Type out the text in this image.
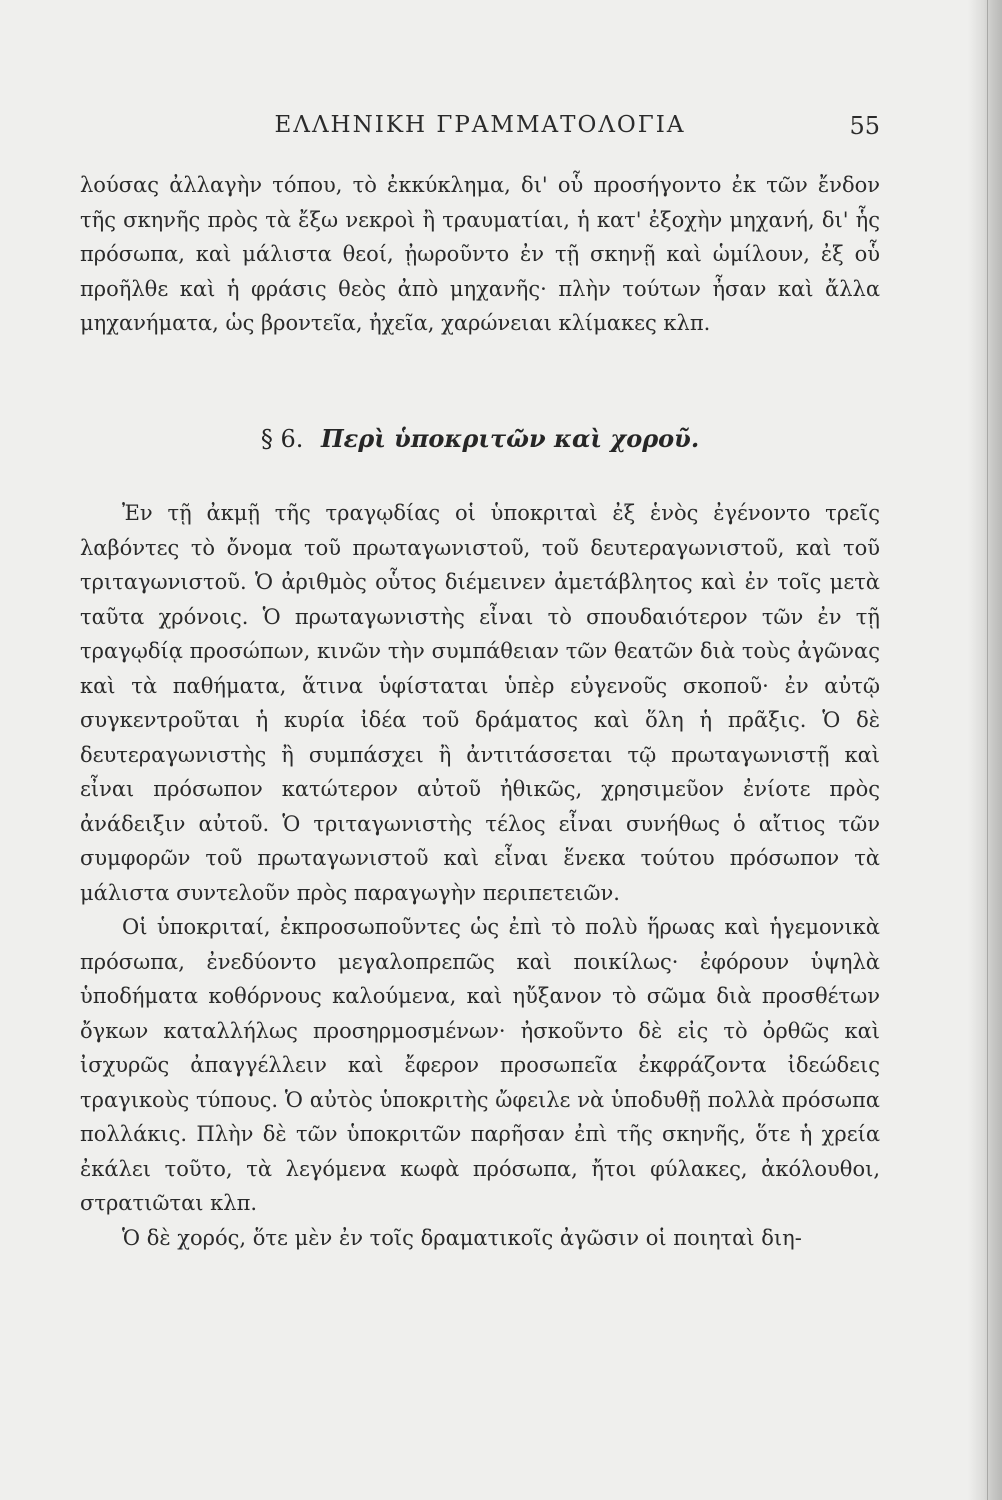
ΕΛΛΗΝΙΚΗ ΓΡΑΜΜΑΤΟΛΟΓΙΑ	55

λούσας ἀλλαγὴν τόπου, τὸ ἐκκύκλημα, δι' οὗ προσήγοντο ἐκ τῶν ἔνδον τῆς σκηνῆς πρὸς τὰ ἔξω νεκροὶ ἢ τραυματίαι, ἡ κατ' ἐξοχὴν μηχανή, δι' ἧς πρόσωπα, καὶ μάλιστα θεοί, ᾐωροῦντο ἐν τῇ σκηνῇ καὶ ὡμίλουν, ἐξ οὗ προῆλθε καὶ ἡ φράσις θεὸς ἀπὸ μηχανῆς· πλὴν τούτων ἦσαν καὶ ἄλλα μηχανήματα, ὡς βροντεῖα, ἠχεῖα, χαρώνειαι κλίμακες κλπ.

§ 6. Περὶ ὑποκριτῶν καὶ χοροῦ.

Ἐν τῇ ἀκμῇ τῆς τραγῳδίας οἱ ὑποκριταὶ ἐξ ἑνὸς ἐγένοντο τρεῖς λαβόντες τὸ ὄνομα τοῦ πρωταγωνιστοῦ, τοῦ δευτεραγωνιστοῦ, καὶ τοῦ τριταγωνιστοῦ. Ὁ ἀριθμὸς οὗτος διέμεινεν ἀμετάβλητος καὶ ἐν τοῖς μετὰ ταῦτα χρόνοις. Ὁ πρωταγωνιστὴς εἶναι τὸ σπουδαιότερον τῶν ἐν τῇ τραγῳδίᾳ προσώπων, κινῶν τὴν συμπάθειαν τῶν θεατῶν διὰ τοὺς ἀγῶνας καὶ τὰ παθήματα, ἅτινα ὑφίσταται ὑπὲρ εὐγενοῦς σκοποῦ· ἐν αὐτῷ συγκεντροῦται ἡ κυρία ἰδέα τοῦ δράματος καὶ ὅλη ἡ πρᾶξις. Ὁ δὲ δευτεραγωνιστὴς ἢ συμπάσχει ἢ ἀντιτάσσεται τῷ πρωταγωνιστῇ καὶ εἶναι πρόσωπον κατώτερον αὐτοῦ ἠθικῶς, χρησιμεῦον ἐνίοτε πρὸς ἀνάδειξιν αὐτοῦ. Ὁ τριταγωνιστὴς τέλος εἶναι συνήθως ὁ αἴτιος τῶν συμφορῶν τοῦ πρωταγωνιστοῦ καὶ εἶναι ἕνεκα τούτου πρόσωπον τὰ μάλιστα συντελοῦν πρὸς παραγωγὴν περιπετειῶν.

Οἱ ὑποκριταί, ἐκπροσωποῦντες ὡς ἐπὶ τὸ πολὺ ἥρωας καὶ ἡγεμονικὰ πρόσωπα, ἐνεδύοντο μεγαλοπρεπῶς καὶ ποικίλως· ἐφόρουν ὑψηλὰ ὑποδήματα κοθόρνους καλούμενα, καὶ ηὔξανον τὸ σῶμα διὰ προσθέτων ὄγκων καταλλήλως προσηρμοσμένων· ἠσκοῦντο δὲ εἰς τὸ ὀρθῶς καὶ ἰσχυρῶς ἀπαγγέλλειν καὶ ἔφερον προσωπεῖα ἐκφράζοντα ἰδεώδεις τραγικοὺς τύπους. Ὁ αὐτὸς ὑποκριτὴς ὤφειλε νὰ ὑποδυθῇ πολλὰ πρόσωπα πολλάκις. Πλὴν δὲ τῶν ὑποκριτῶν παρῆσαν ἐπὶ τῆς σκηνῆς, ὅτε ἡ χρεία ἐκάλει τοῦτο, τὰ λεγόμενα κωφὰ πρόσωπα, ἤτοι φύλακες, ἀκόλουθοι, στρατιῶται κλπ.

Ὁ δὲ χορός, ὅτε μὲν ἐν τοῖς δραματικοῖς ἀγῶσιν οἱ ποιηταὶ διη-
